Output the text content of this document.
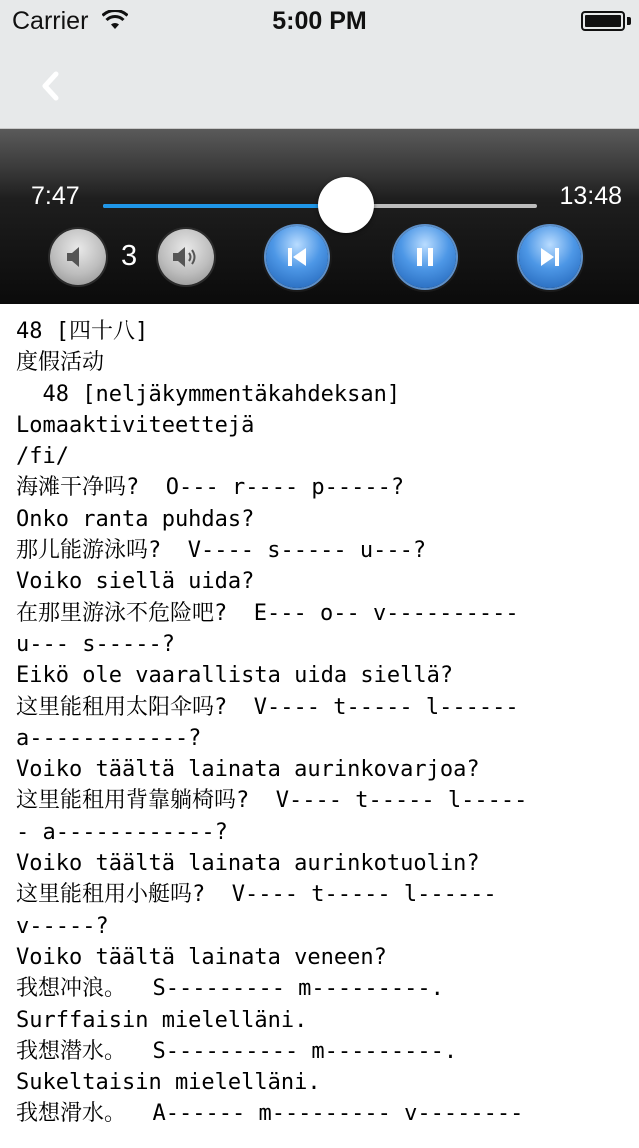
Carrier	5:00 PM
7:47	13:48
3
48 [四十八]
度假活动
48 [neljäkymmentäkahdeksan]
Lomaaktiviteettejä
/fi/
海滩干净吗?  O--- r---- p-----?
Onko ranta puhdas?
那儿能游泳吗?  V---- s----- u---?
Voiko siellä uida?
在那里游泳不危险吧?  E--- o-- v----------
u--- s-----?
Eikö ole vaarallista uida siellä?
这里能租用太阳伞吗?  V---- t----- l------
a------------?
Voiko täältä lainata aurinkovarjoa?
这里能租用背靠躺椅吗?  V---- t----- l-----
- a------------?
Voiko täältä lainata aurinkotuolin?
这里能租用小艇吗?  V---- t----- l------
v-----?
Voiko täältä lainata veneen?
我想冲浪。  S--------- m---------.
Surffaisin mielelläni.
我想潜水。  S---------- m---------.
Sukeltaisin mielelläni.
我想滑水。  A------ m--------- v--------
